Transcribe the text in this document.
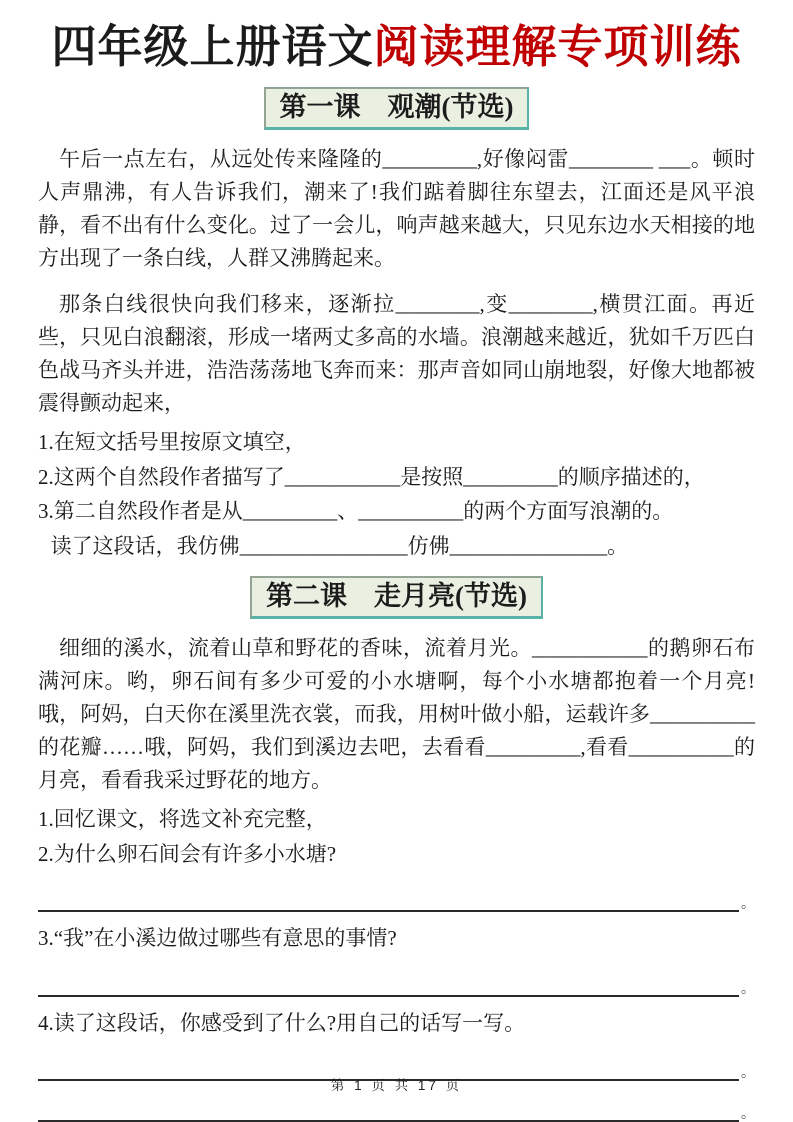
四年级上册语文阅读理解专项训练
第一课　观潮(节选)

午后一点左右，从远处传来隆隆的_________,好像闷雷________ ___。顿时人声鼎沸，有人告诉我们，潮来了!我们踮着脚往东望去，江面还是风平浪静，看不出有什么变化。过了一会儿，响声越来越大，只见东边水天相接的地方出现了一条白线，人群又沸腾起来。

那条白线很快向我们移来，逐渐拉________,变________,横贯江面。再近些，只见白浪翻滚，形成一堵两丈多高的水墙。浪潮越来越近，犹如千万匹白色战马齐头并进，浩浩荡荡地飞奔而来：那声音如同山崩地裂，好像大地都被震得颤动起来，

1.在短文括号里按原文填空，
2.这两个自然段作者描写了___________是按照_________的顺序描述的，
3.第二自然段作者是从_________、__________的两个方面写浪潮的。
读了这段话，我仿佛________________仿佛_______________。
第二课　走月亮(节选)

细细的溪水，流着山草和野花的香味，流着月光。___________的鹅卵石布满河床。哟，卵石间有多少可爱的小水塘啊，每个小水塘都抱着一个月亮!哦，阿妈，白天你在溪里洗衣裳，而我，用树叶做小船，运载许多__________的花瓣……哦，阿妈，我们到溪边去吧，去看看_________,看看__________的月亮，看看我采过野花的地方。

1.回忆课文，将选文补充完整，
2.为什么卵石间会有许多小水塘?
。
3.“我”在小溪边做过哪些有意思的事情?
。
4.读了这段话，你感受到了什么?用自己的话写一写。
。
。
第 1 页 共 17 页
